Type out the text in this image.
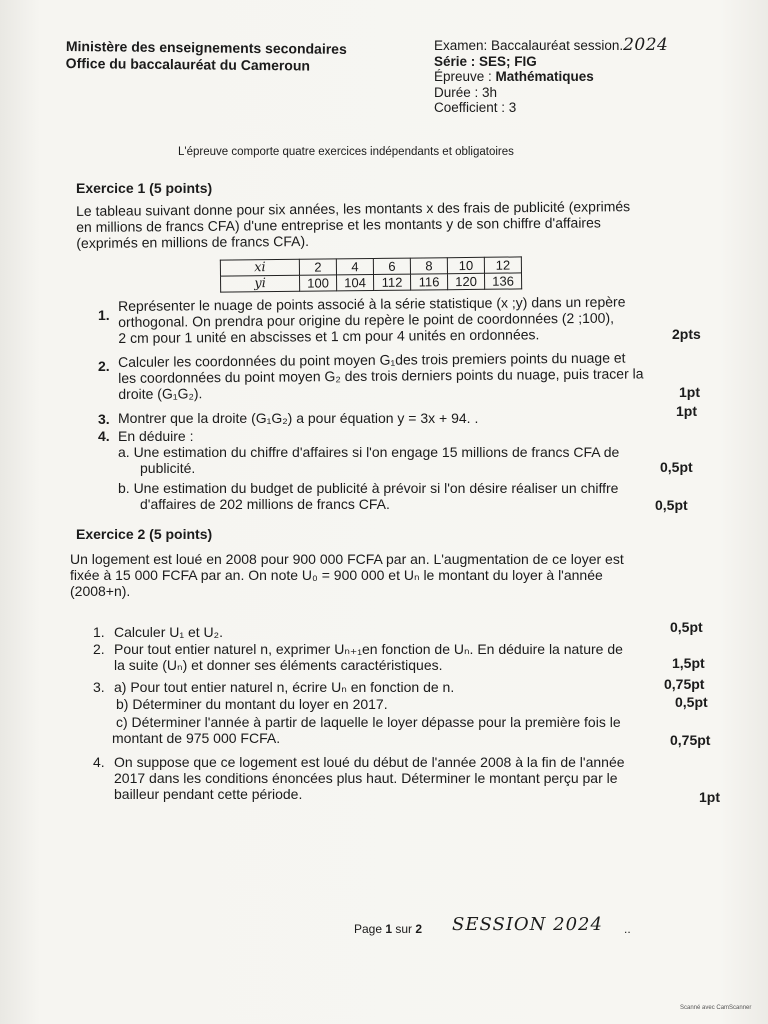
Ministère des enseignements secondaires
Office du baccalauréat du Cameroun
Examen: Baccalauréat session.2024
Série : SES; FIG
Épreuve : Mathématiques
Durée : 3h
Coefficient : 3
L'épreuve comporte quatre exercices indépendants et obligatoires
Exercice 1 (5 points)
Le tableau suivant donne pour six années, les montants x des frais de publicité (exprimés
en millions de francs CFA) d'une entreprise et les montants y de son chiffre d'affaires
(exprimés en millions de francs CFA).
xi	2	4	6	8	10	12
yi	100	104	112	116	120	136
1.
Représenter le nuage de points associé à la série statistique (x ;y) dans un repère
orthogonal. On prendra pour origine du repère le point de coordonnées (2 ;100),
2 cm pour 1 unité en abscisses et 1 cm pour 4 unités en ordonnées.	2pts
2. Calculer les coordonnées du point moyen G₁des trois premiers points du nuage et
les coordonnées du point moyen G₂ des trois derniers points du nuage, puis tracer la
droite (G₁G₂).	1pt
3. Montrer que la droite (G₁G₂) a pour équation y = 3x + 94. .	1pt
4. En déduire :
a. Une estimation du chiffre d'affaires si l'on engage 15 millions de francs CFA de
publicité.	0,5pt
b. Une estimation du budget de publicité à prévoir si l'on désire réaliser un chiffre
d'affaires de 202 millions de francs CFA.	0,5pt
Exercice 2 (5 points)
Un logement est loué en 2008 pour 900 000 FCFA par an. L'augmentation de ce loyer est
fixée à 15 000 FCFA par an. On note U₀ = 900 000 et Uₙ le montant du loyer à l'année
(2008+n).
1. Calculer U₁ et U₂.	0,5pt
2. Pour tout entier naturel n, exprimer Uₙ₊₁en fonction de Uₙ. En déduire la nature de
la suite (Uₙ) et donner ses éléments caractéristiques.	1,5pt
3. a) Pour tout entier naturel n, écrire Uₙ en fonction de n.	0,75pt
b) Déterminer du montant du loyer en 2017.	0,5pt
c) Déterminer l'année à partir de laquelle le loyer dépasse pour la première fois le
montant de 975 000 FCFA.	0,75pt
4. On suppose que ce logement est loué du début de l'année 2008 à la fin de l'année
2017 dans les conditions énoncées plus haut. Déterminer le montant perçu par le
bailleur pendant cette période.	1pt
Page 1 sur 2 SESSION 2024 ..
Scanné avec CamScanner
